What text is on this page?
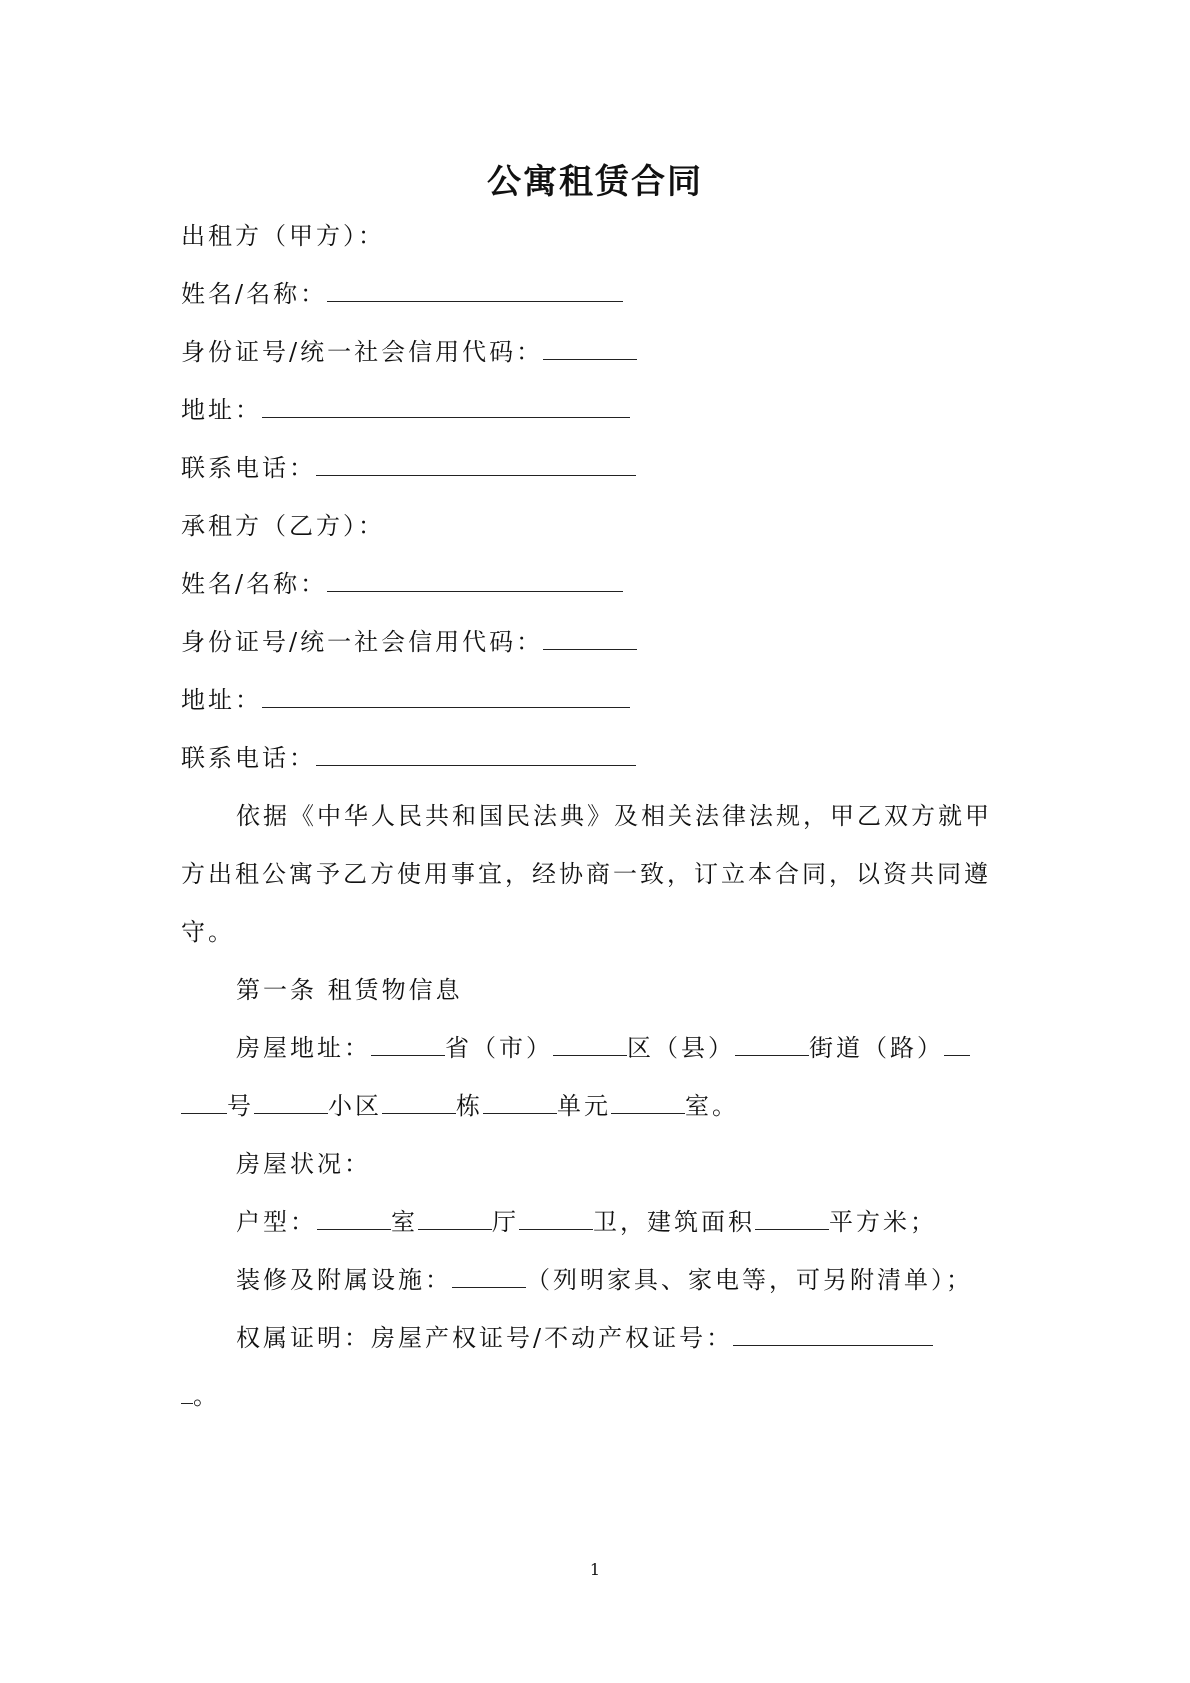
公寓租赁合同
出租方（甲方）：
姓名/名称：
身份证号/统一社会信用代码：
地址：
联系电话：
承租方（乙方）：
姓名/名称：
身份证号/统一社会信用代码：
地址：
联系电话：
依据《中华人民共和国民法典》及相关法律法规，甲乙双方就甲
方出租公寓予乙方使用事宜，经协商一致，订立本合同，以资共同遵
守。
第一条 租赁物信息
房屋地址：	省（市）	区（县）	街道（路）
号	小区	栋	单元	室。
房屋状况：
户型：	室	厅	卫，建筑面积	平方米；
装修及附属设施：	（列明家具、家电等，可另附清单）；
权属证明：房屋产权证号/不动产权证号：
。
1
